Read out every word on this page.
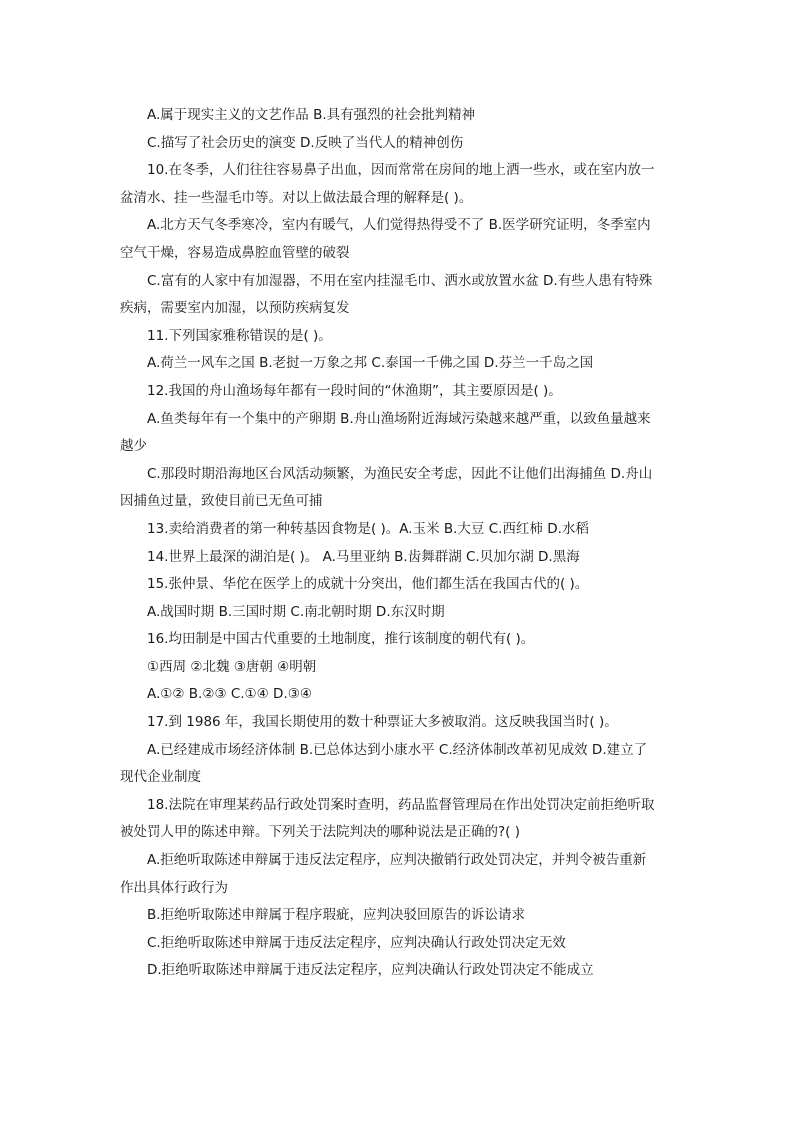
A.属于现实主义的文艺作品 B.具有强烈的社会批判精神
C.描写了社会历史的演变 D.反映了当代人的精神创伤
10.在冬季，人们往往容易鼻子出血，因而常常在房间的地上洒一些水，或在室内放一
盆清水、挂一些湿毛巾等。对以上做法最合理的解释是( )。
A.北方天气冬季寒冷，室内有暖气，人们觉得热得受不了 B.医学研究证明，冬季室内
空气干燥，容易造成鼻腔血管壁的破裂
C.富有的人家中有加湿器，不用在室内挂湿毛巾、洒水或放置水盆 D.有些人患有特殊
疾病，需要室内加湿，以预防疾病复发
11.下列国家雅称错误的是( )。
A.荷兰一风车之国 B.老挝一万象之邦 C.泰国一千佛之国 D.芬兰一千岛之国
12.我国的舟山渔场每年都有一段时间的“休渔期”，其主要原因是( )。
A.鱼类每年有一个集中的产卵期 B.舟山渔场附近海域污染越来越严重，以致鱼量越来
越少
C.那段时期沿海地区台风活动频繁，为渔民安全考虑，因此不让他们出海捕鱼 D.舟山
因捕鱼过量，致使目前已无鱼可捕
13.卖给消费者的第一种转基因食物是( )。A.玉米 B.大豆 C.西红柿 D.水稻
14.世界上最深的湖泊是( )。 A.马里亚纳 B.齿舞群湖 C.贝加尔湖 D.黑海
15.张仲景、华佗在医学上的成就十分突出，他们都生活在我国古代的( )。
A.战国时期 B.三国时期 C.南北朝时期 D.东汉时期
16.均田制是中国古代重要的土地制度，推行该制度的朝代有( )。
①西周 ②北魏 ③唐朝 ④明朝
A.①② B.②③ C.①④ D.③④
17.到 1986 年，我国长期使用的数十种票证大多被取消。这反映我国当时( )。
A.已经建成市场经济体制 B.已总体达到小康水平 C.经济体制改革初见成效 D.建立了
现代企业制度
18.法院在审理某药品行政处罚案时查明，药品监督管理局在作出处罚决定前拒绝听取
被处罚人甲的陈述申辩。下列关于法院判决的哪种说法是正确的?( )
A.拒绝听取陈述申辩属于违反法定程序，应判决撤销行政处罚决定，并判令被告重新
作出具体行政行为
B.拒绝听取陈述申辩属于程序瑕疵，应判决驳回原告的诉讼请求
C.拒绝听取陈述申辩属于违反法定程序，应判决确认行政处罚决定无效
D.拒绝听取陈述申辩属于违反法定程序，应判决确认行政处罚决定不能成立
